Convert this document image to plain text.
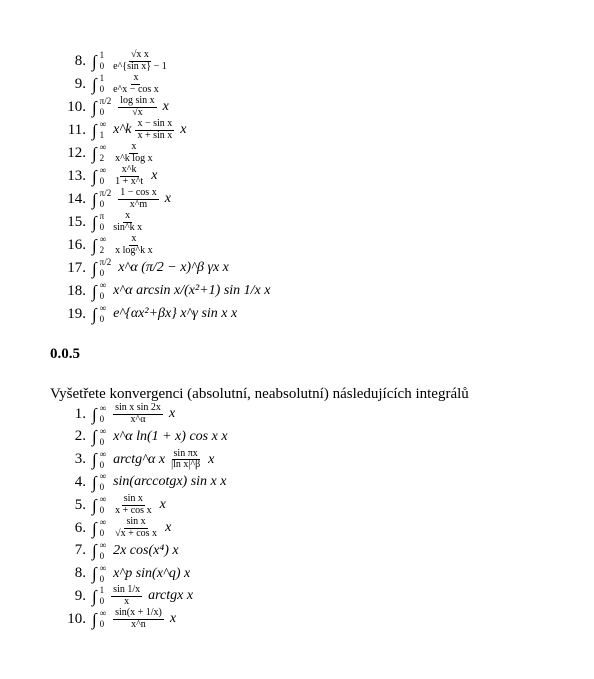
8. ∫ 1
$0 \frac{\text{√x x}}{\text{e\textasciicircum{}\{sin x\} − 1}}$
9. ∫ 1
$0 \frac{x}{\text{e\textasciicircum{}x − cos x}}$
10. ∫ π/2
0	$\frac{\text{log sin x}}{√x}$ x
11. ∫ ∞
1 x^k $\frac{\text{x − sin x}}{\text{x + sin x}}$ x
12. ∫ ∞
$2 \frac{x}{\text{x\textasciicircum{}k log x}}$
13. ∫ ∞
$0 \frac{x\^{}k}{1 + x\^{}t}$ x
14. ∫ π/2
0	$\frac{\text{1 − cos x}}{x\^{}m}$ x
15. ∫ π
$0 \frac{x}{\text{sin\textasciicircum{}k x}}$
16. ∫ ∞
$2 \frac{x}{\text{x log\textasciicircum{}k x}}$
17. ∫ π/2
0	x^α (π/2 − x)^β γx x
18. ∫ ∞
0 x^α arcsin x/(x²+1) sin 1/x x
19. ∫ ∞
0 e^{αx²+βx} x^γ sin x x
0.0.5
Vyšetřete konvergenci (absolutní, neabsolutní) následujících integrálů
1. ∫ ∞
$0 \frac{\text{sin x sin 2x}}{x\^{}\alpha}$ x
2. ∫ ∞
0 x^α ln(1 + x) cos x x
3. ∫ ∞
0 arctg^α x $\frac{\text{sin πx}}{\text{|ln x|\textasciicircum{}β}}$ x
4. ∫ ∞
0 sin(arccotgx) sin x x
5. ∫ ∞
$0 \frac{\text{sin x}}{\text{x + cos x}}$ x
6. ∫ ∞
$0 \frac{\text{sin x}}{\text{√x + cos x}}$ x
7. ∫ ∞
0 2x cos(x⁴) x
8. ∫ ∞
0 x^p sin(x^q) x
9. ∫ 1
$0 \frac{\sin 1/x}{x}$ arctgx x
10. ∫ ∞
$0 \frac{\sin(x + 1/x)}{x\^{}n}$ x
